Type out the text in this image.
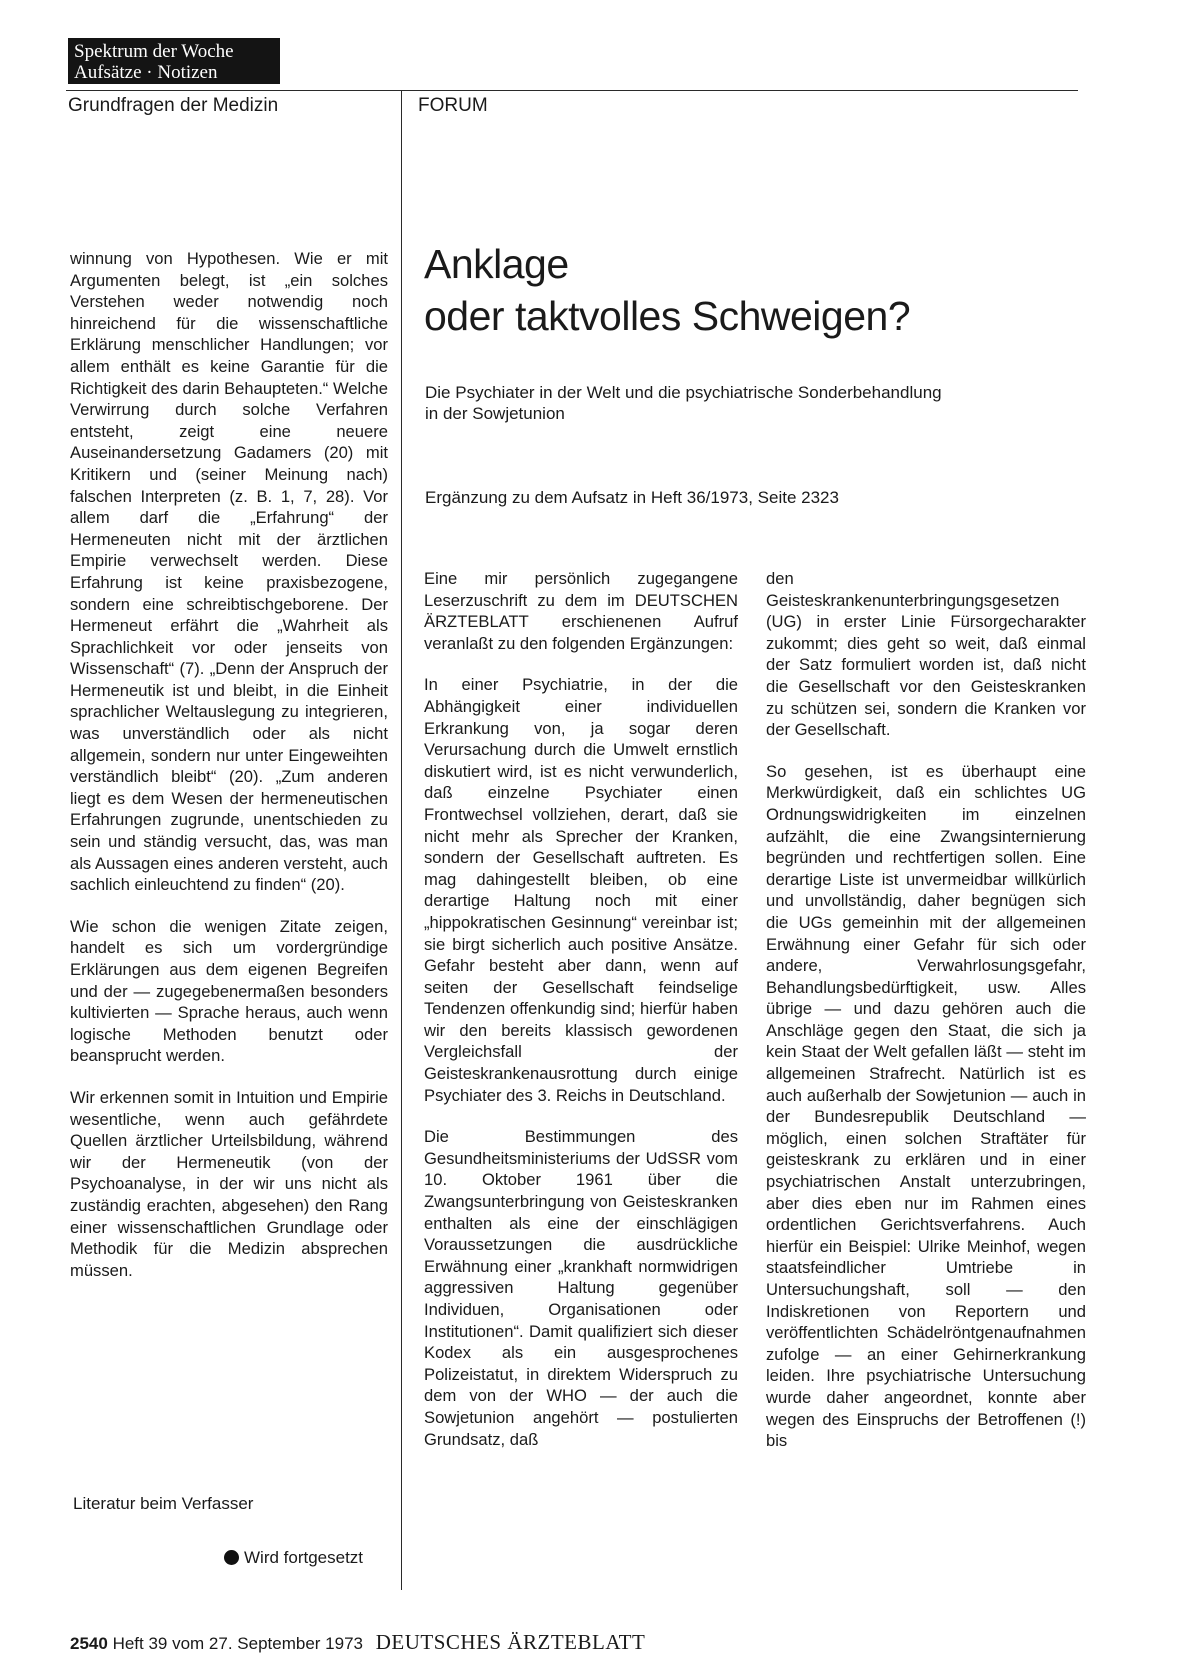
Spektrum der Woche
Aufsätze · Notizen
Grundfragen der Medizin	FORUM

winnung von Hypothesen. Wie er mit Argumenten belegt, ist „ein solches Verstehen weder notwendig noch hinreichend für die wissenschaftliche Erklärung menschlicher Handlungen; vor allem enthält es keine Garantie für die Richtigkeit des darin Behaupteten.“ Welche Verwirrung durch solche Verfahren entsteht, zeigt eine neuere Auseinandersetzung Gadamers (20) mit Kritikern und (seiner Meinung nach) falschen Interpreten (z. B. 1, 7, 28). Vor allem darf die „Erfahrung“ der Hermeneuten nicht mit der ärztlichen Empirie verwechselt werden. Diese Erfahrung ist keine praxisbezogene, sondern eine schreibtischgeborene. Der Hermeneut erfährt die „Wahrheit als Sprachlichkeit vor oder jenseits von Wissenschaft“ (7). „Denn der Anspruch der Hermeneutik ist und bleibt, in die Einheit sprachlicher Weltauslegung zu integrieren, was unverständlich oder als nicht allgemein, sondern nur unter Eingeweihten verständlich bleibt“ (20). „Zum anderen liegt es dem Wesen der hermeneutischen Erfahrungen zugrunde, unentschieden zu sein und ständig versucht, das, was man als Aussagen eines anderen versteht, auch sachlich einleuchtend zu finden“ (20).

Wie schon die wenigen Zitate zeigen, handelt es sich um vordergründige Erklärungen aus dem eigenen Begreifen und der — zugegebenermaßen besonders kultivierten — Sprache heraus, auch wenn logische Methoden benutzt oder beansprucht werden.

Wir erkennen somit in Intuition und Empirie wesentliche, wenn auch gefährdete Quellen ärztlicher Urteilsbildung, während wir der Hermeneutik (von der Psychoanalyse, in der wir uns nicht als zuständig erachten, abgesehen) den Rang einer wissenschaftlichen Grundlage oder Methodik für die Medizin absprechen müssen.

Literatur beim Verfasser
Wird fortgesetzt
Anklage
oder taktvolles Schweigen?
Die Psychiater in der Welt und die psychiatrische Sonderbehandlung
in der Sowjetunion
Ergänzung zu dem Aufsatz in Heft 36/1973, Seite 2323

Eine mir persönlich zugegangene Leserzuschrift zu dem im DEUTSCHEN ÄRZTEBLATT erschienenen Aufruf veranlaßt zu den folgenden Ergänzungen:

In einer Psychiatrie, in der die Abhängigkeit einer individuellen Erkrankung von, ja sogar deren Verursachung durch die Umwelt ernstlich diskutiert wird, ist es nicht verwunderlich, daß einzelne Psychiater einen Frontwechsel vollziehen, derart, daß sie nicht mehr als Sprecher der Kranken, sondern der Gesellschaft auftreten. Es mag dahingestellt bleiben, ob eine derartige Haltung noch mit einer „hippokratischen Gesinnung“ vereinbar ist; sie birgt sicherlich auch positive Ansätze. Gefahr besteht aber dann, wenn auf seiten der Gesellschaft feindselige Tendenzen offenkundig sind; hierfür haben wir den bereits klassisch gewordenen Vergleichsfall der Geisteskrankenausrottung durch einige Psychiater des 3. Reichs in Deutschland.

Die Bestimmungen des Gesundheitsministeriums der UdSSR vom 10. Oktober 1961 über die Zwangsunterbringung von Geisteskranken enthalten als eine der einschlägigen Voraussetzungen die ausdrückliche Erwähnung einer „krankhaft normwidrigen aggressiven Haltung gegenüber Individuen, Organisationen oder Institutionen“. Damit qualifiziert sich dieser Kodex als ein ausgesprochenes Polizeistatut, in direktem Widerspruch zu dem von der WHO — der auch die Sowjetunion angehört — postulierten Grundsatz, daß

den Geisteskrankenunterbringungsgesetzen (UG) in erster Linie Fürsorgecharakter zukommt; dies geht so weit, daß einmal der Satz formuliert worden ist, daß nicht die Gesellschaft vor den Geisteskranken zu schützen sei, sondern die Kranken vor der Gesellschaft.

So gesehen, ist es überhaupt eine Merkwürdigkeit, daß ein schlichtes UG Ordnungswidrigkeiten im einzelnen aufzählt, die eine Zwangsinternierung begründen und rechtfertigen sollen. Eine derartige Liste ist unvermeidbar willkürlich und unvollständig, daher begnügen sich die UGs gemeinhin mit der allgemeinen Erwähnung einer Gefahr für sich oder andere, Verwahrlosungsgefahr, Behandlungsbedürftigkeit, usw. Alles übrige — und dazu gehören auch die Anschläge gegen den Staat, die sich ja kein Staat der Welt gefallen läßt — steht im allgemeinen Strafrecht. Natürlich ist es auch außerhalb der Sowjetunion — auch in der Bundesrepublik Deutschland — möglich, einen solchen Straftäter für geisteskrank zu erklären und in einer psychiatrischen Anstalt unterzubringen, aber dies eben nur im Rahmen eines ordentlichen Gerichtsverfahrens. Auch hierfür ein Beispiel: Ulrike Meinhof, wegen staatsfeindlicher Umtriebe in Untersuchungshaft, soll — den Indiskretionen von Reportern und veröffentlichten Schädelröntgenaufnahmen zufolge — an einer Gehirnerkrankung leiden. Ihre psychiatrische Untersuchung wurde daher angeordnet, konnte aber wegen des Einspruchs der Betroffenen (!) bis

2540 Heft 39 vom 27. September 1973 DEUTSCHES ÄRZTEBLATT
